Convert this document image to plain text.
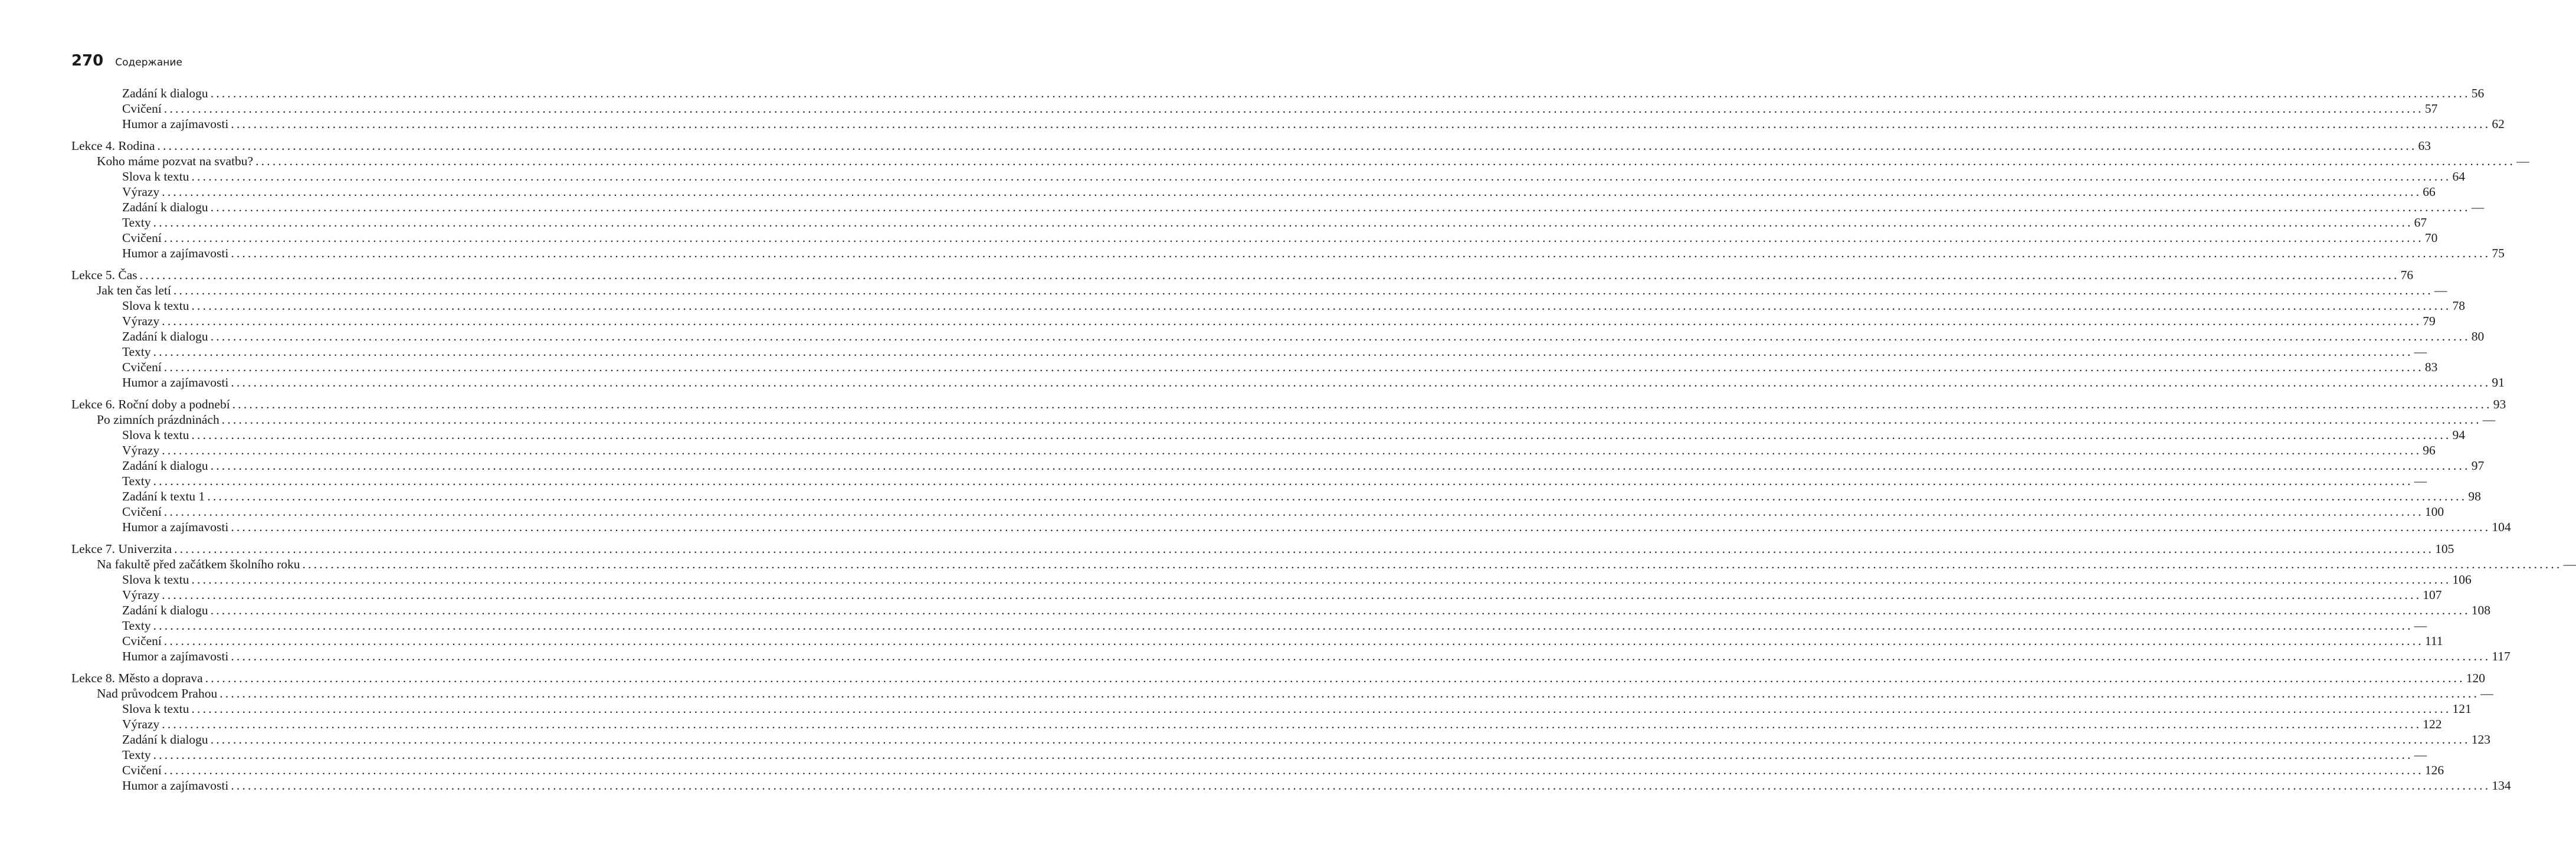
270 Содержание
Zadání k dialogu ................................................................................................................................................................................................................................................................................................................................................................................................................ 56
Cvičení ................................................................................................................................................................................................................................................................................................................................................................................................................ 57
Humor a zajímavosti ................................................................................................................................................................................................................................................................................................................................................................................................................ 62
Lekce 4. Rodina ................................................................................................................................................................................................................................................................................................................................................................................................................ 63
Koho máme pozvat na svatbu? ................................................................................................................................................................................................................................................................................................................................................................................................................ —
Slova k textu ................................................................................................................................................................................................................................................................................................................................................................................................................ 64
Výrazy ................................................................................................................................................................................................................................................................................................................................................................................................................ 66
Zadání k dialogu ................................................................................................................................................................................................................................................................................................................................................................................................................ —
Texty ................................................................................................................................................................................................................................................................................................................................................................................................................ 67
Cvičení ................................................................................................................................................................................................................................................................................................................................................................................................................ 70
Humor a zajímavosti ................................................................................................................................................................................................................................................................................................................................................................................................................ 75
Lekce 5. Čas ................................................................................................................................................................................................................................................................................................................................................................................................................ 76
Jak ten čas letí ................................................................................................................................................................................................................................................................................................................................................................................................................ —
Slova k textu ................................................................................................................................................................................................................................................................................................................................................................................................................ 78
Výrazy ................................................................................................................................................................................................................................................................................................................................................................................................................ 79
Zadání k dialogu ................................................................................................................................................................................................................................................................................................................................................................................................................ 80
Texty ................................................................................................................................................................................................................................................................................................................................................................................................................ —
Cvičení ................................................................................................................................................................................................................................................................................................................................................................................................................ 83
Humor a zajímavosti ................................................................................................................................................................................................................................................................................................................................................................................................................ 91
Lekce 6. Roční doby a podnebí ................................................................................................................................................................................................................................................................................................................................................................................................................ 93
Po zimních prázdninách ................................................................................................................................................................................................................................................................................................................................................................................................................ —
Slova k textu ................................................................................................................................................................................................................................................................................................................................................................................................................ 94
Výrazy ................................................................................................................................................................................................................................................................................................................................................................................................................ 96
Zadání k dialogu ................................................................................................................................................................................................................................................................................................................................................................................................................ 97
Texty ................................................................................................................................................................................................................................................................................................................................................................................................................ —
Zadání k textu 1 ................................................................................................................................................................................................................................................................................................................................................................................................................ 98
Cvičení ................................................................................................................................................................................................................................................................................................................................................................................................................ 100
Humor a zajímavosti ................................................................................................................................................................................................................................................................................................................................................................................................................ 104
Lekce 7. Univerzita ................................................................................................................................................................................................................................................................................................................................................................................................................ 105
Na fakultě před začátkem školního roku ................................................................................................................................................................................................................................................................................................................................................................................................................ —
Slova k textu ................................................................................................................................................................................................................................................................................................................................................................................................................ 106
Výrazy ................................................................................................................................................................................................................................................................................................................................................................................................................ 107
Zadání k dialogu ................................................................................................................................................................................................................................................................................................................................................................................................................ 108
Texty ................................................................................................................................................................................................................................................................................................................................................................................................................ —
Cvičení ................................................................................................................................................................................................................................................................................................................................................................................................................ 111
Humor a zajímavosti ................................................................................................................................................................................................................................................................................................................................................................................................................ 117
Lekce 8. Město a doprava ................................................................................................................................................................................................................................................................................................................................................................................................................ 120
Nad průvodcem Prahou ................................................................................................................................................................................................................................................................................................................................................................................................................ —
Slova k textu ................................................................................................................................................................................................................................................................................................................................................................................................................ 121
Výrazy ................................................................................................................................................................................................................................................................................................................................................................................................................ 122
Zadání k dialogu ................................................................................................................................................................................................................................................................................................................................................................................................................ 123
Texty ................................................................................................................................................................................................................................................................................................................................................................................................................ —
Cvičení ................................................................................................................................................................................................................................................................................................................................................................................................................ 126
Humor a zajímavosti ................................................................................................................................................................................................................................................................................................................................................................................................................ 134
